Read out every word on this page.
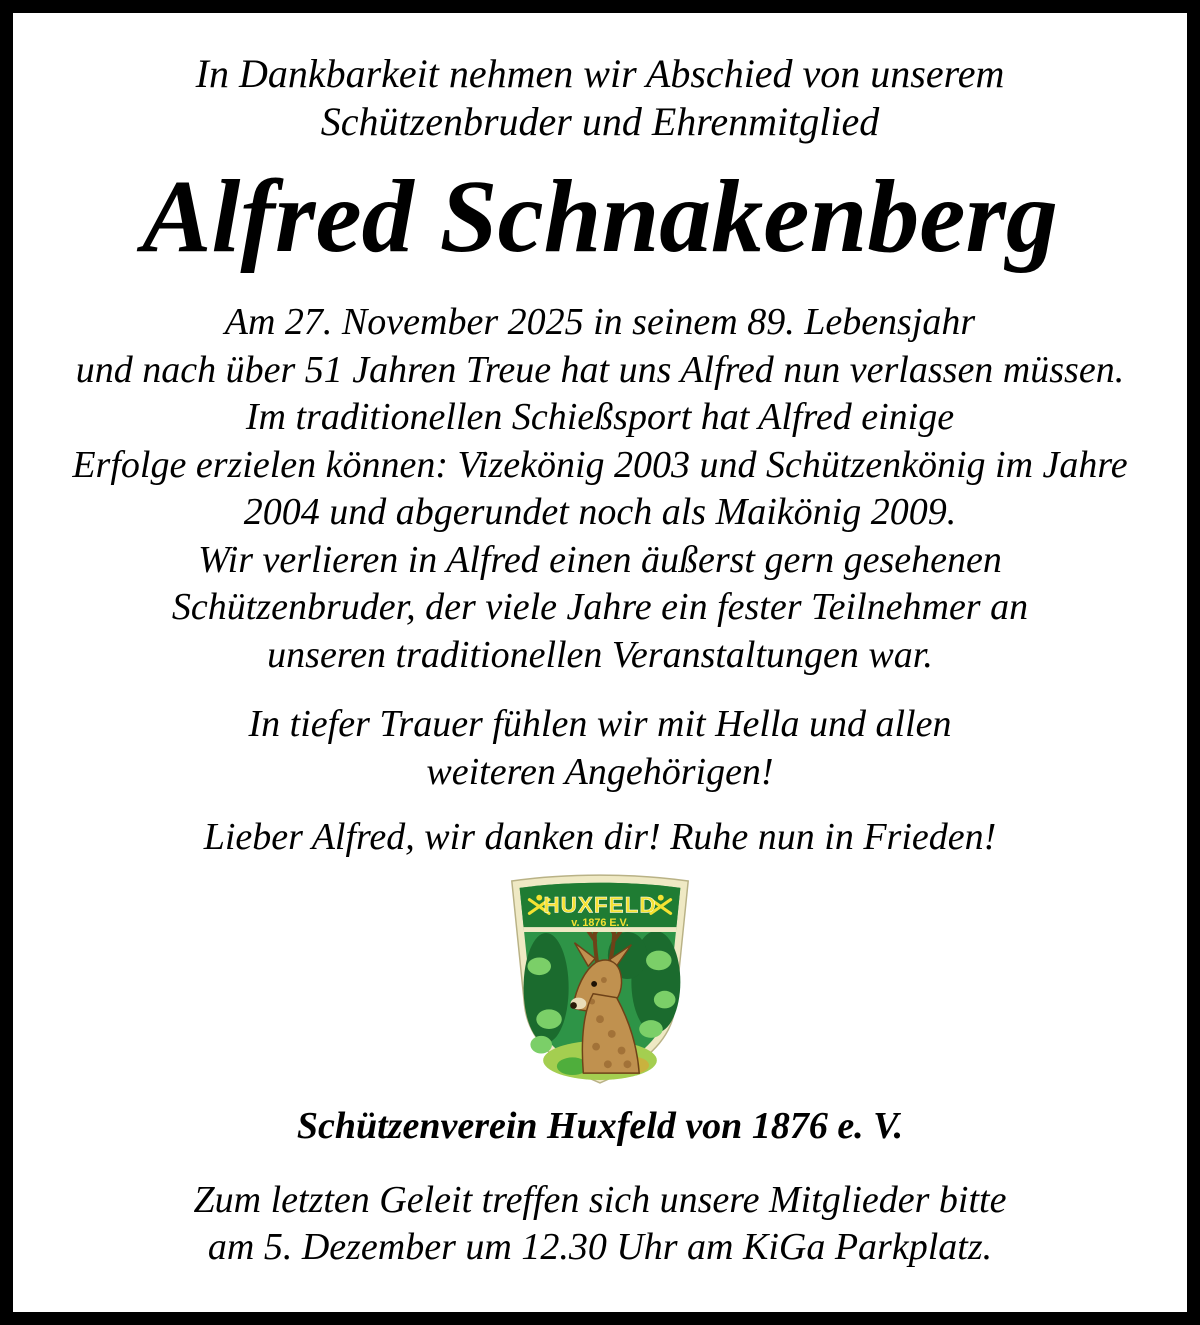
In Dankbarkeit nehmen wir Abschied von unserem
Schützenbruder und Ehrenmitglied
Alfred Schnakenberg
Am 27. November 2025 in seinem 89. Lebensjahr
und nach über 51 Jahren Treue hat uns Alfred nun verlassen müssen.
Im traditionellen Schießsport hat Alfred einige
Erfolge erzielen können: Vizekönig 2003 und Schützenkönig im Jahre
2004 und abgerundet noch als Maikönig 2009.
Wir verlieren in Alfred einen äußerst gern gesehenen
Schützenbruder, der viele Jahre ein fester Teilnehmer an
unseren traditionellen Veranstaltungen war.
In tiefer Trauer fühlen wir mit Hella und allen
weiteren Angehörigen!
Lieber Alfred, wir danken dir! Ruhe nun in Frieden!
HUXFELD
v. 1876 E.V.
Schützenverein Huxfeld von 1876 e. V.
Zum letzten Geleit treffen sich unsere Mitglieder bitte
am 5. Dezember um 12.30 Uhr am KiGa Parkplatz.
